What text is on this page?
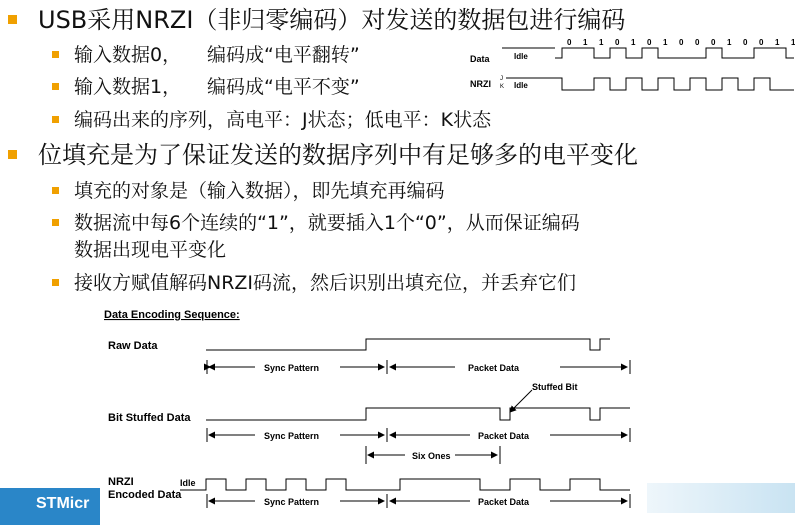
USB采用NRZI（非归零编码）对发送的数据包进行编码
输入数据0， 编码成“电平翻转”
输入数据1， 编码成“电平不变”
编码出来的序列，高电平：J状态；低电平：K状态
位填充是为了保证发送的数据序列中有足够多的电平变化
填充的对象是（输入数据），即先填充再编码
数据流中每6个连续的“1”，就要插入1个“0”，从而保证编码
数据出现电平变化
接收方赋值解码NRZI码流，然后识别出填充位，并丢弃它们
0 1 1 0 1 0 1 0 0 0 1 0 0 1 1
Data	Idle
NRZI J
K Idle
Data Encoding Sequence:
Raw Data
Sync Pattern	Packet Data
Bit Stuffed Data
Stuffed Bit
Sync Pattern	Packet Data
Six Ones
NRZI
Encoded Data
Idle
Sync Pattern	Packet Data
STMicr
